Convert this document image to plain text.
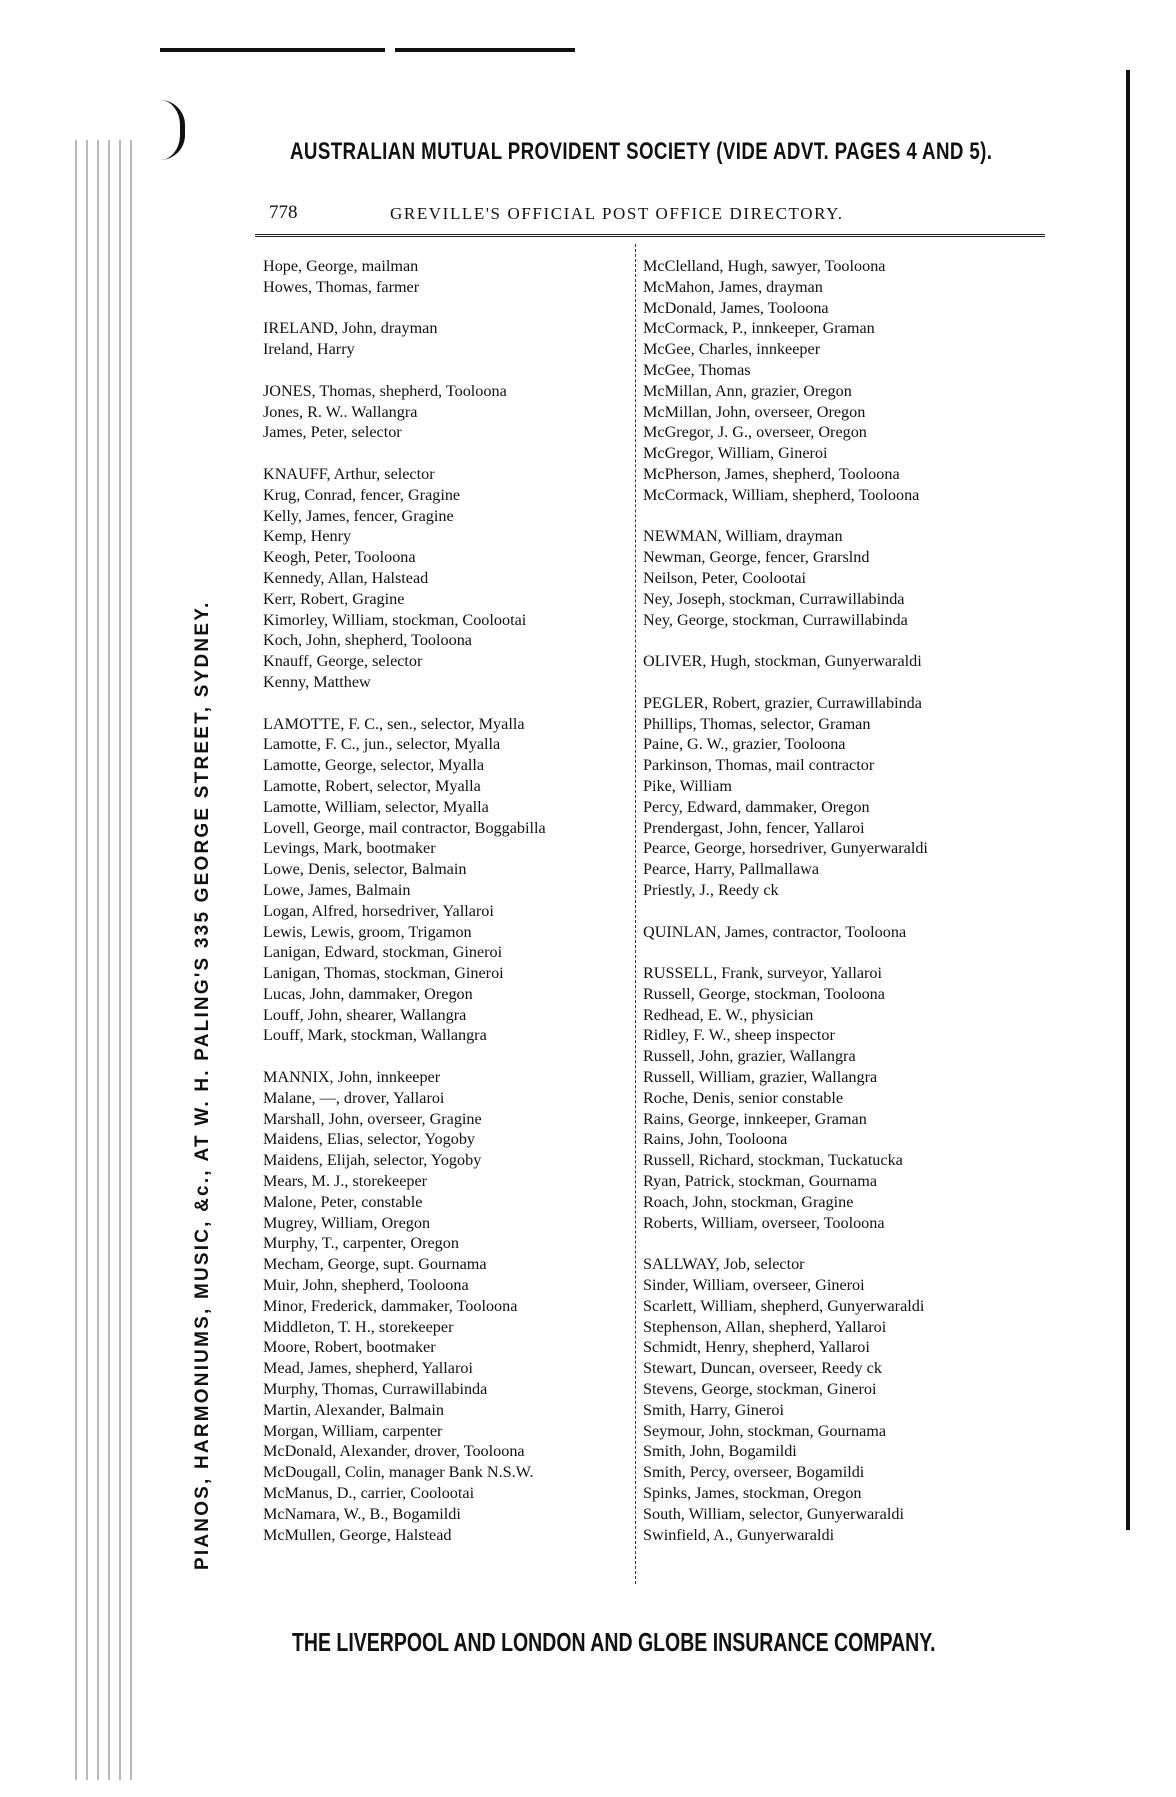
AUSTRALIAN MUTUAL PROVIDENT SOCIETY (VIDE ADVT. PAGES 4 AND 5).
PIANOS, HARMONIUMS, MUSIC, &c., AT W. H. PALING'S 335 GEORGE STREET, SYDNEY.
THE LIVERPOOL AND LONDON AND GLOBE INSURANCE COMPANY.
778	GREVILLE'S OFFICIAL POST OFFICE DIRECTORY.
Hope, George, mailman
Howes, Thomas, farmer
IRELAND, John, drayman
Ireland, Harry
JONES, Thomas, shepherd, Tooloona
Jones, R. W.. Wallangra
James, Peter, selector
KNAUFF, Arthur, selector
Krug, Conrad, fencer, Gragine
Kelly, James, fencer, Gragine
Kemp, Henry
Keogh, Peter, Tooloona
Kennedy, Allan, Halstead
Kerr, Robert, Gragine
Kimorley, William, stockman, Coolootai
Koch, John, shepherd, Tooloona
Knauff, George, selector
Kenny, Matthew
LAMOTTE, F. C., sen., selector, Myalla
Lamotte, F. C., jun., selector, Myalla
Lamotte, George, selector, Myalla
Lamotte, Robert, selector, Myalla
Lamotte, William, selector, Myalla
Lovell, George, mail contractor, Boggabilla
Levings, Mark, bootmaker
Lowe, Denis, selector, Balmain
Lowe, James, Balmain
Logan, Alfred, horsedriver, Yallaroi
Lewis, Lewis, groom, Trigamon
Lanigan, Edward, stockman, Gineroi
Lanigan, Thomas, stockman, Gineroi
Lucas, John, dammaker, Oregon
Louff, John, shearer, Wallangra
Louff, Mark, stockman, Wallangra
MANNIX, John, innkeeper
Malane, —, drover, Yallaroi
Marshall, John, overseer, Gragine
Maidens, Elias, selector, Yogoby
Maidens, Elijah, selector, Yogoby
Mears, M. J., storekeeper
Malone, Peter, constable
Mugrey, William, Oregon
Murphy, T., carpenter, Oregon
Mecham, George, supt. Gournama
Muir, John, shepherd, Tooloona
Minor, Frederick, dammaker, Tooloona
Middleton, T. H., storekeeper
Moore, Robert, bootmaker
Mead, James, shepherd, Yallaroi
Murphy, Thomas, Currawillabinda
Martin, Alexander, Balmain
Morgan, William, carpenter
McDonald, Alexander, drover, Tooloona
McDougall, Colin, manager Bank N.S.W.
McManus, D., carrier, Coolootai
McNamara, W., B., Bogamildi
McMullen, George, Halstead
McClelland, Hugh, sawyer, Tooloona
McMahon, James, drayman
McDonald, James, Tooloona
McCormack, P., innkeeper, Graman
McGee, Charles, innkeeper
McGee, Thomas
McMillan, Ann, grazier, Oregon
McMillan, John, overseer, Oregon
McGregor, J. G., overseer, Oregon
McGregor, William, Gineroi
McPherson, James, shepherd, Tooloona
McCormack, William, shepherd, Tooloona
NEWMAN, William, drayman
Newman, George, fencer, Grarslnd
Neilson, Peter, Coolootai
Ney, Joseph, stockman, Currawillabinda
Ney, George, stockman, Currawillabinda
OLIVER, Hugh, stockman, Gunyerwaraldi
PEGLER, Robert, grazier, Currawillabinda
Phillips, Thomas, selector, Graman
Paine, G. W., grazier, Tooloona
Parkinson, Thomas, mail contractor
Pike, William
Percy, Edward, dammaker, Oregon
Prendergast, John, fencer, Yallaroi
Pearce, George, horsedriver, Gunyerwaraldi
Pearce, Harry, Pallmallawa
Priestly, J., Reedy ck
QUINLAN, James, contractor, Tooloona
RUSSELL, Frank, surveyor, Yallaroi
Russell, George, stockman, Tooloona
Redhead, E. W., physician
Ridley, F. W., sheep inspector
Russell, John, grazier, Wallangra
Russell, William, grazier, Wallangra
Roche, Denis, senior constable
Rains, George, innkeeper, Graman
Rains, John, Tooloona
Russell, Richard, stockman, Tuckatucka
Ryan, Patrick, stockman, Gournama
Roach, John, stockman, Gragine
Roberts, William, overseer, Tooloona
SALLWAY, Job, selector
Sinder, William, overseer, Gineroi
Scarlett, William, shepherd, Gunyerwaraldi
Stephenson, Allan, shepherd, Yallaroi
Schmidt, Henry, shepherd, Yallaroi
Stewart, Duncan, overseer, Reedy ck
Stevens, George, stockman, Gineroi
Smith, Harry, Gineroi
Seymour, John, stockman, Gournama
Smith, John, Bogamildi
Smith, Percy, overseer, Bogamildi
Spinks, James, stockman, Oregon
South, William, selector, Gunyerwaraldi
Swinfield, A., Gunyerwaraldi
